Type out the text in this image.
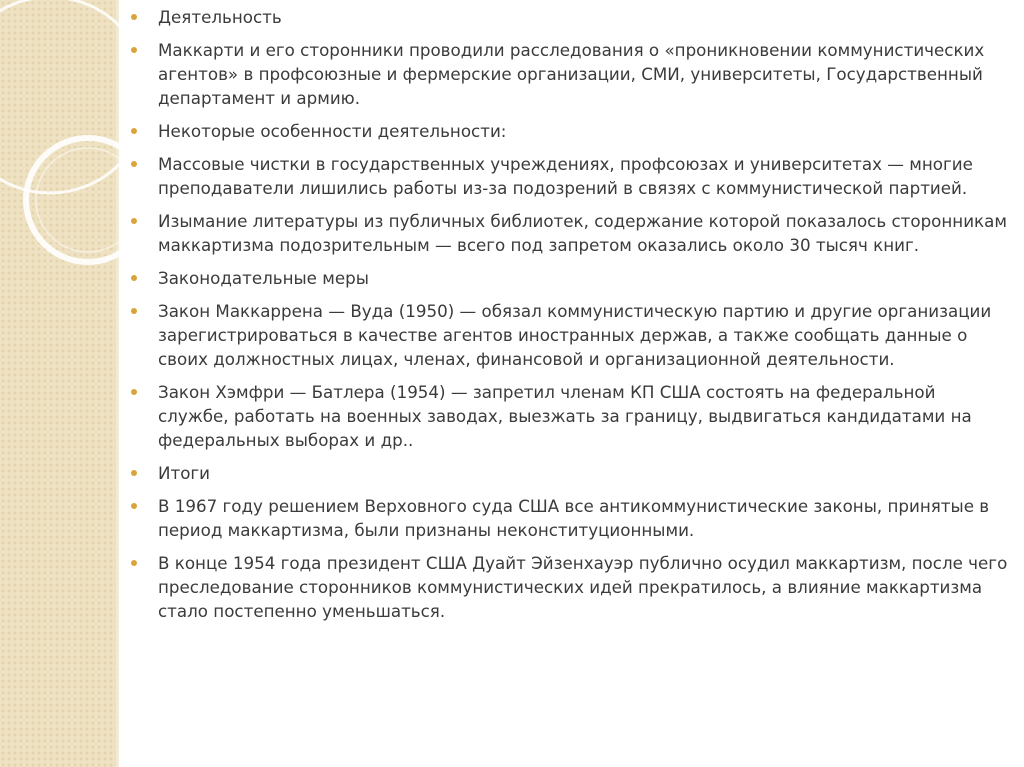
Деятельность
Маккарти и его сторонники проводили расследования о «проникновении коммунистических агентов» в профсоюзные и фермерские организации, СМИ, университеты, Государственный департамент и армию.
Некоторые особенности деятельности:
Массовые чистки в государственных учреждениях, профсоюзах и университетах — многие преподаватели лишились работы из-за подозрений в связях с коммунистической партией.
Изымание литературы из публичных библиотек, содержание которой показалось сторонникам маккартизма подозрительным — всего под запретом оказались около 30 тысяч книг.
Законодательные меры
Закон Маккаррена — Вуда (1950) — обязал коммунистическую партию и другие организации зарегистрироваться в качестве агентов иностранных держав, а также сообщать данные о своих должностных лицах, членах, финансовой и организационной деятельности.
Закон Хэмфри — Батлера (1954) — запретил членам КП США состоять на федеральной службе, работать на военных заводах, выезжать за границу, выдвигаться кандидатами на федеральных выборах и др..
Итоги
В 1967 году решением Верховного суда США все антикоммунистические законы, принятые в период маккартизма, были признаны неконституционными.
В конце 1954 года президент США Дуайт Эйзенхауэр публично осудил маккартизм, после чего преследование сторонников коммунистических идей прекратилось, а влияние маккартизма стало постепенно уменьшаться.
